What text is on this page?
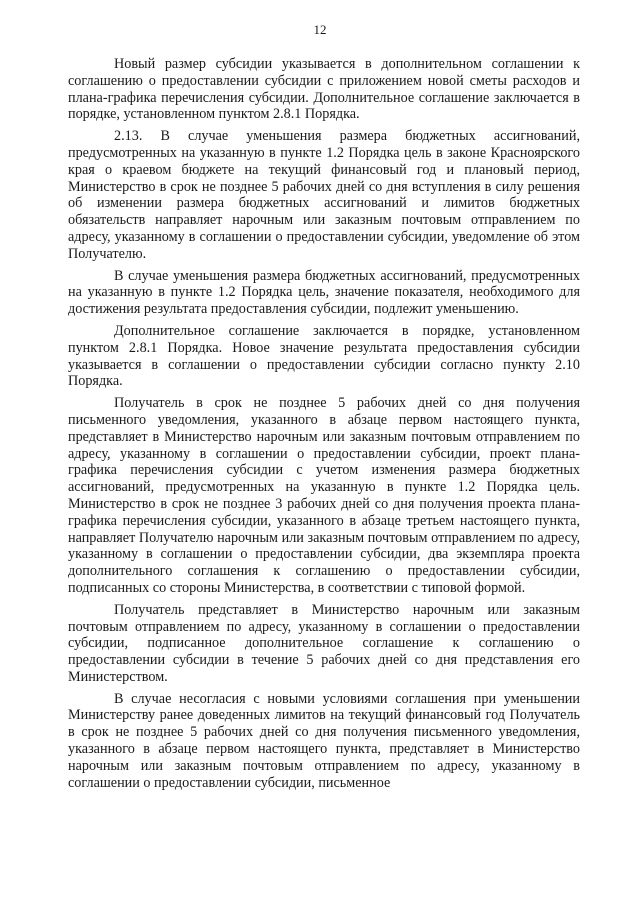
12

Новый размер субсидии указывается в дополнительном соглашении к соглашению о предоставлении субсидии с приложением новой сметы расходов и плана-графика перечисления субсидии. Дополнительное соглашение заключается в порядке, установленном пунктом 2.8.1 Порядка.

2.13. В случае уменьшения размера бюджетных ассигнований, предусмотренных на указанную в пункте 1.2 Порядка цель в законе Красноярского края о краевом бюджете на текущий финансовый год и плановый период, Министерство в срок не позднее 5 рабочих дней со дня вступления в силу решения об изменении размера бюджетных ассигнований и лимитов бюджетных обязательств направляет нарочным или заказным почтовым отправлением по адресу, указанному в соглашении о предоставлении субсидии, уведомление об этом Получателю.

В случае уменьшения размера бюджетных ассигнований, предусмотренных на указанную в пункте 1.2 Порядка цель, значение показателя, необходимого для достижения результата предоставления субсидии, подлежит уменьшению.

Дополнительное соглашение заключается в порядке, установленном пунктом 2.8.1 Порядка. Новое значение результата предоставления субсидии указывается в соглашении о предоставлении субсидии согласно пункту 2.10 Порядка.

Получатель в срок не позднее 5 рабочих дней со дня получения письменного уведомления, указанного в абзаце первом настоящего пункта, представляет в Министерство нарочным или заказным почтовым отправлением по адресу, указанному в соглашении о предоставлении субсидии, проект плана-графика перечисления субсидии с учетом изменения размера бюджетных ассигнований, предусмотренных на указанную в пункте 1.2 Порядка цель. Министерство в срок не позднее 3 рабочих дней со дня получения проекта плана-графика перечисления субсидии, указанного в абзаце третьем настоящего пункта, направляет Получателю нарочным или заказным почтовым отправлением по адресу, указанному в соглашении о предоставлении субсидии, два экземпляра проекта дополнительного соглашения к соглашению о предоставлении субсидии, подписанных со стороны Министерства, в соответствии с типовой формой.

Получатель представляет в Министерство нарочным или заказным почтовым отправлением по адресу, указанному в соглашении о предоставлении субсидии, подписанное дополнительное соглашение к соглашению о предоставлении субсидии в течение 5 рабочих дней со дня представления его Министерством.

В случае несогласия с новыми условиями соглашения при уменьшении Министерству ранее доведенных лимитов на текущий финансовый год Получатель в срок не позднее 5 рабочих дней со дня получения письменного уведомления, указанного в абзаце первом настоящего пункта, представляет в Министерство нарочным или заказным почтовым отправлением по адресу, указанному в соглашении о предоставлении субсидии, письменное
